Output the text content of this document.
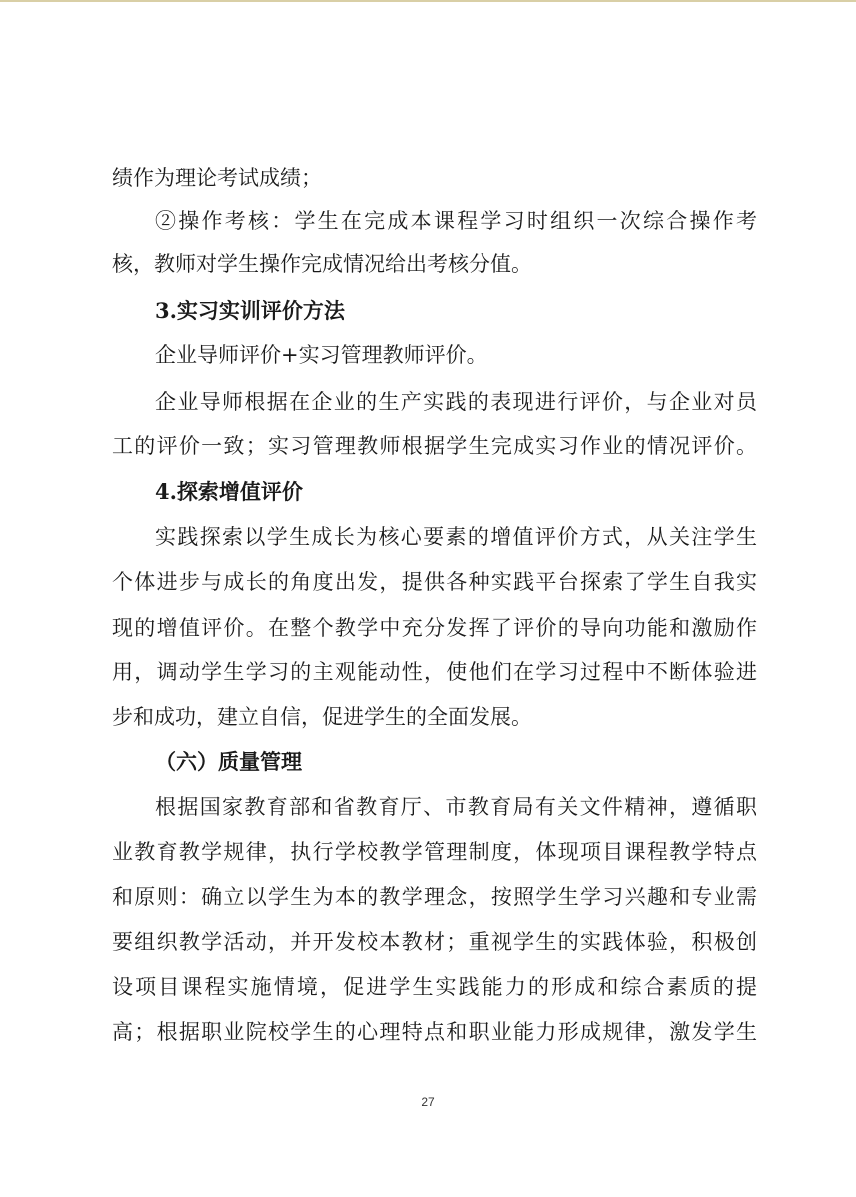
绩作为理论考试成绩；
②操作考核：学生在完成本课程学习时组织一次综合操作考
核，教师对学生操作完成情况给出考核分值。
3.实习实训评价方法
企业导师评价+实习管理教师评价。
企业导师根据在企业的生产实践的表现进行评价，与企业对员
工的评价一致；实习管理教师根据学生完成实习作业的情况评价。
4.探索增值评价
实践探索以学生成长为核心要素的增值评价方式，从关注学生
个体进步与成长的角度出发，提供各种实践平台探索了学生自我实
现的增值评价。在整个教学中充分发挥了评价的导向功能和激励作
用，调动学生学习的主观能动性，使他们在学习过程中不断体验进
步和成功，建立自信，促进学生的全面发展。
（六）质量管理
根据国家教育部和省教育厅、市教育局有关文件精神，遵循职
业教育教学规律，执行学校教学管理制度，体现项目课程教学特点
和原则：确立以学生为本的教学理念，按照学生学习兴趣和专业需
要组织教学活动，并开发校本教材；重视学生的实践体验，积极创
设项目课程实施情境，促进学生实践能力的形成和综合素质的提
高；根据职业院校学生的心理特点和职业能力形成规律，激发学生
27
